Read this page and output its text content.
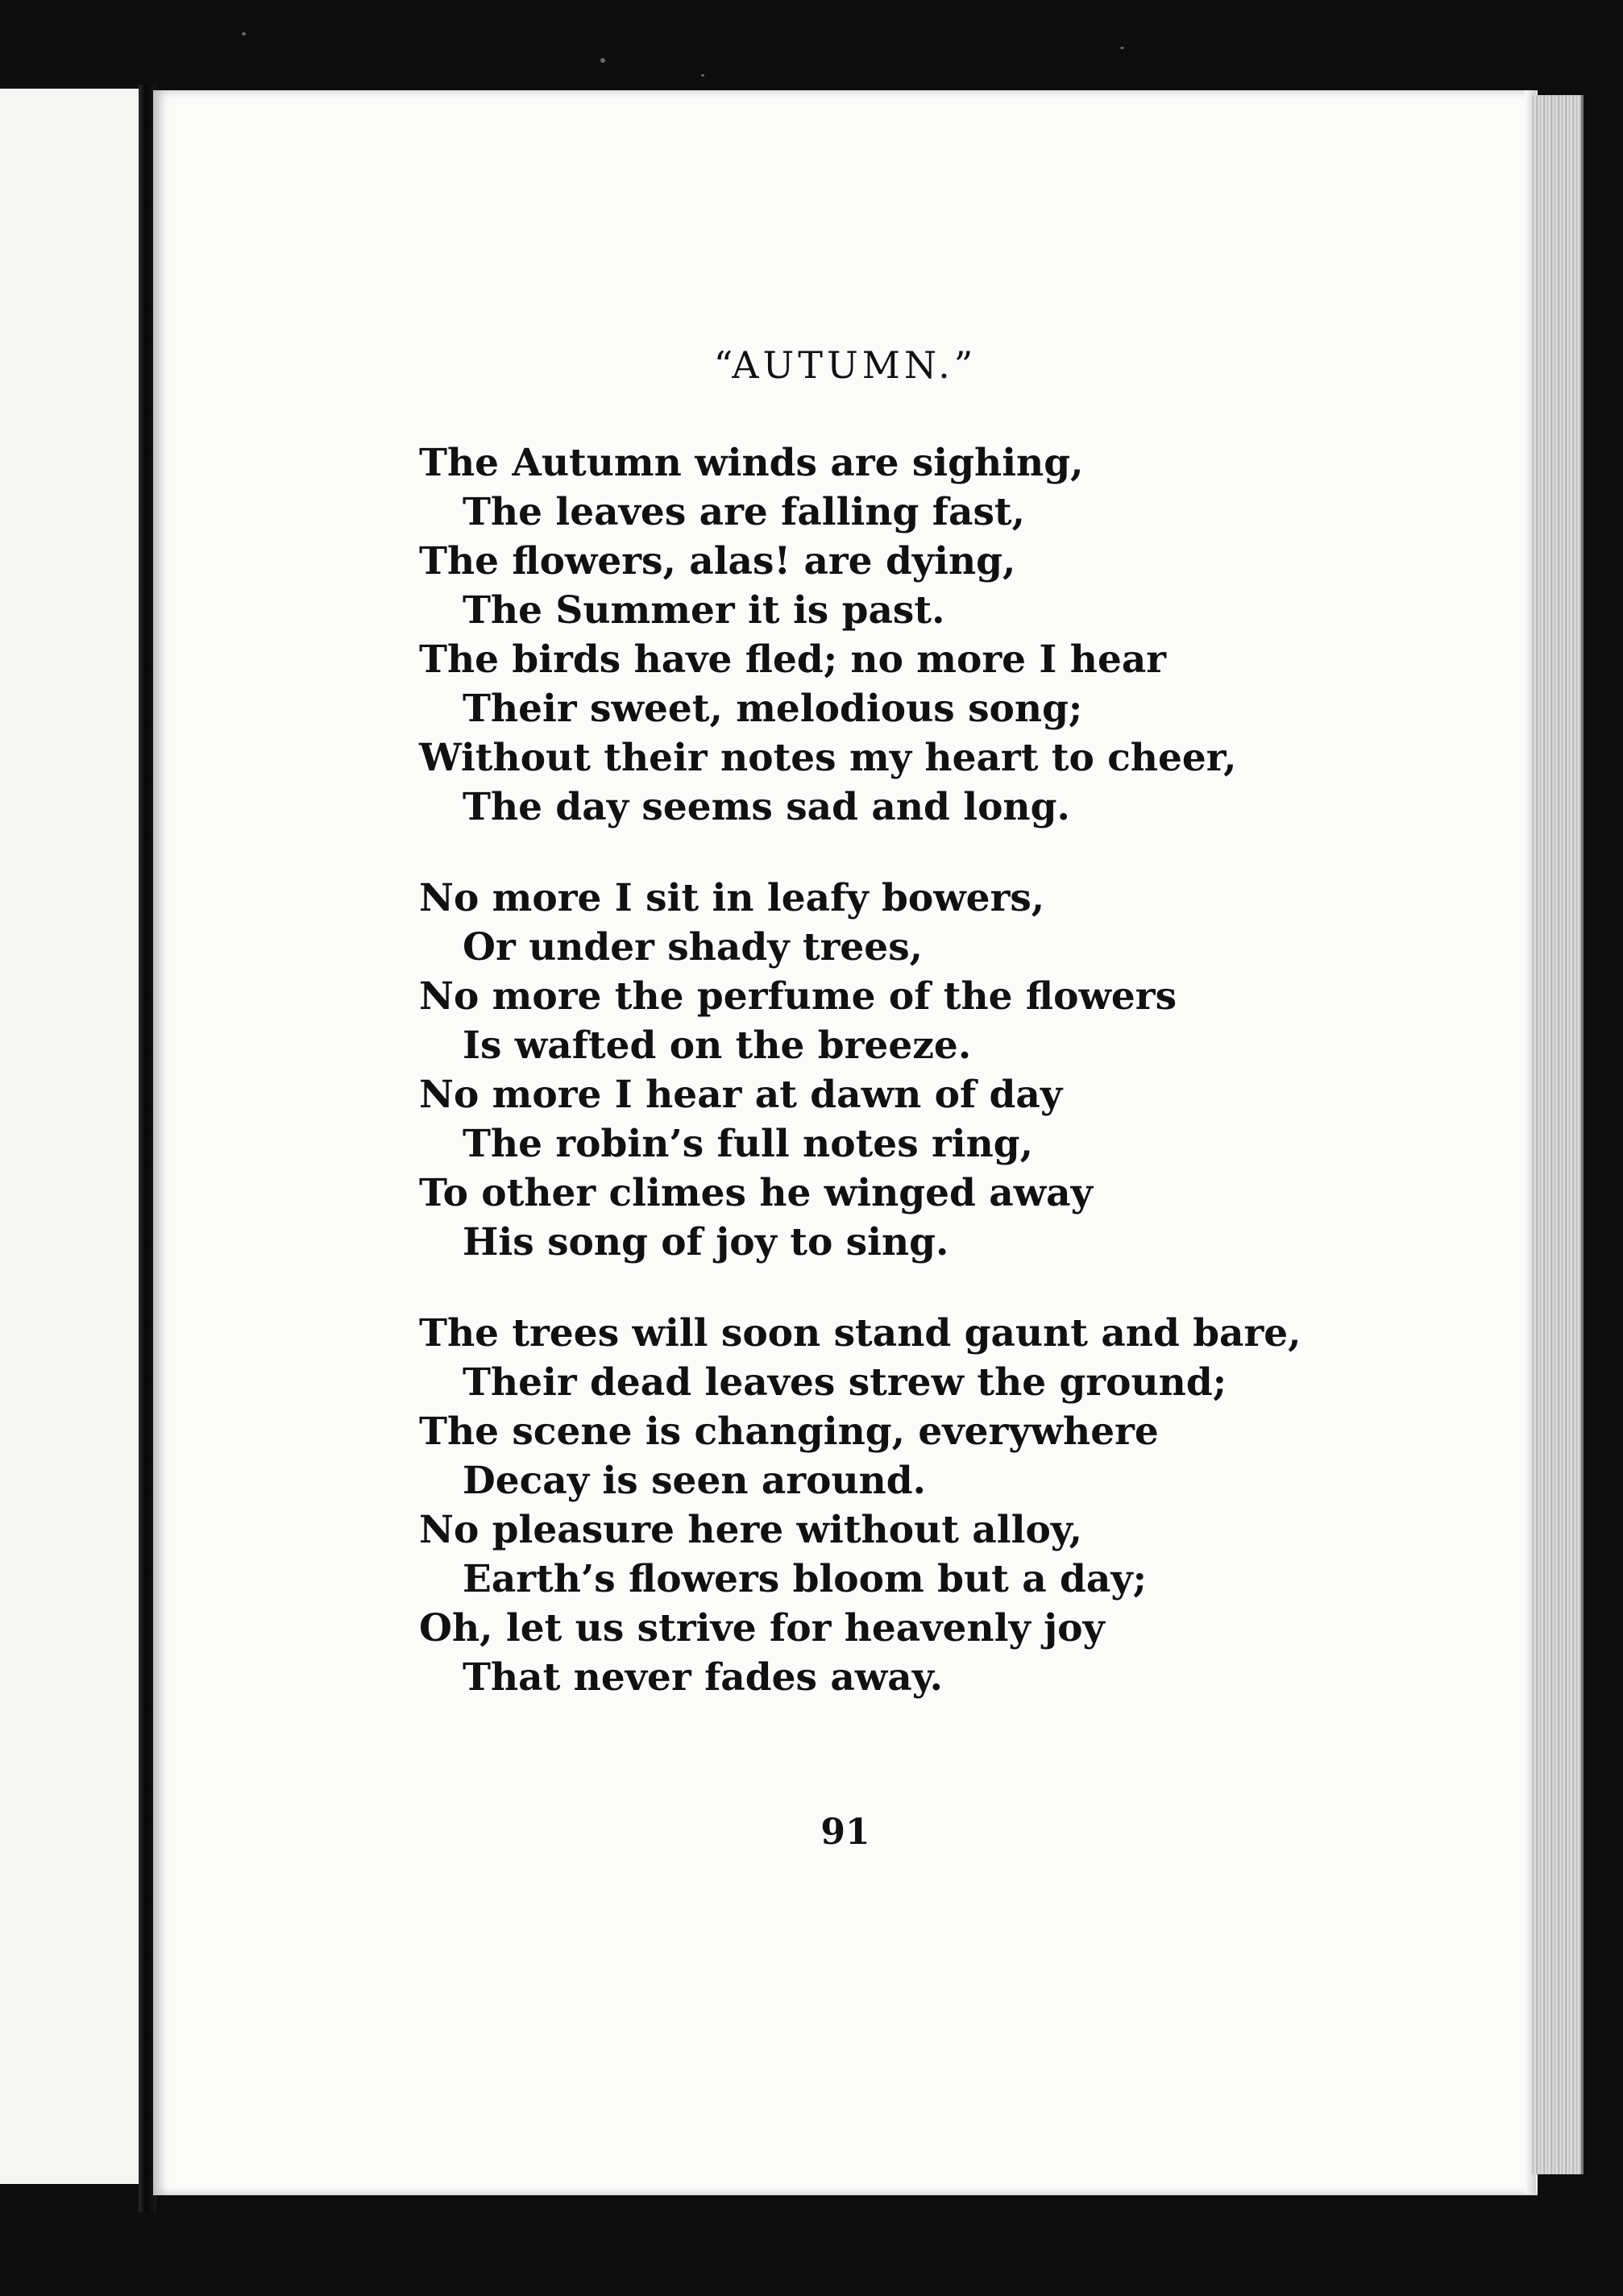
“AUTUMN.”
The Autumn winds are sighing,
The leaves are falling fast,
The flowers, alas! are dying,
The Summer it is past.
The birds have fled; no more I hear
Their sweet, melodious song;
Without their notes my heart to cheer,
The day seems sad and long.
No more I sit in leafy bowers,
Or under shady trees,
No more the perfume of the flowers
Is wafted on the breeze.
No more I hear at dawn of day
The robin’s full notes ring,
To other climes he winged away
His song of joy to sing.
The trees will soon stand gaunt and bare,
Their dead leaves strew the ground;
The scene is changing, everywhere
Decay is seen around.
No pleasure here without alloy,
Earth’s flowers bloom but a day;
Oh, let us strive for heavenly joy
That never fades away.
91
